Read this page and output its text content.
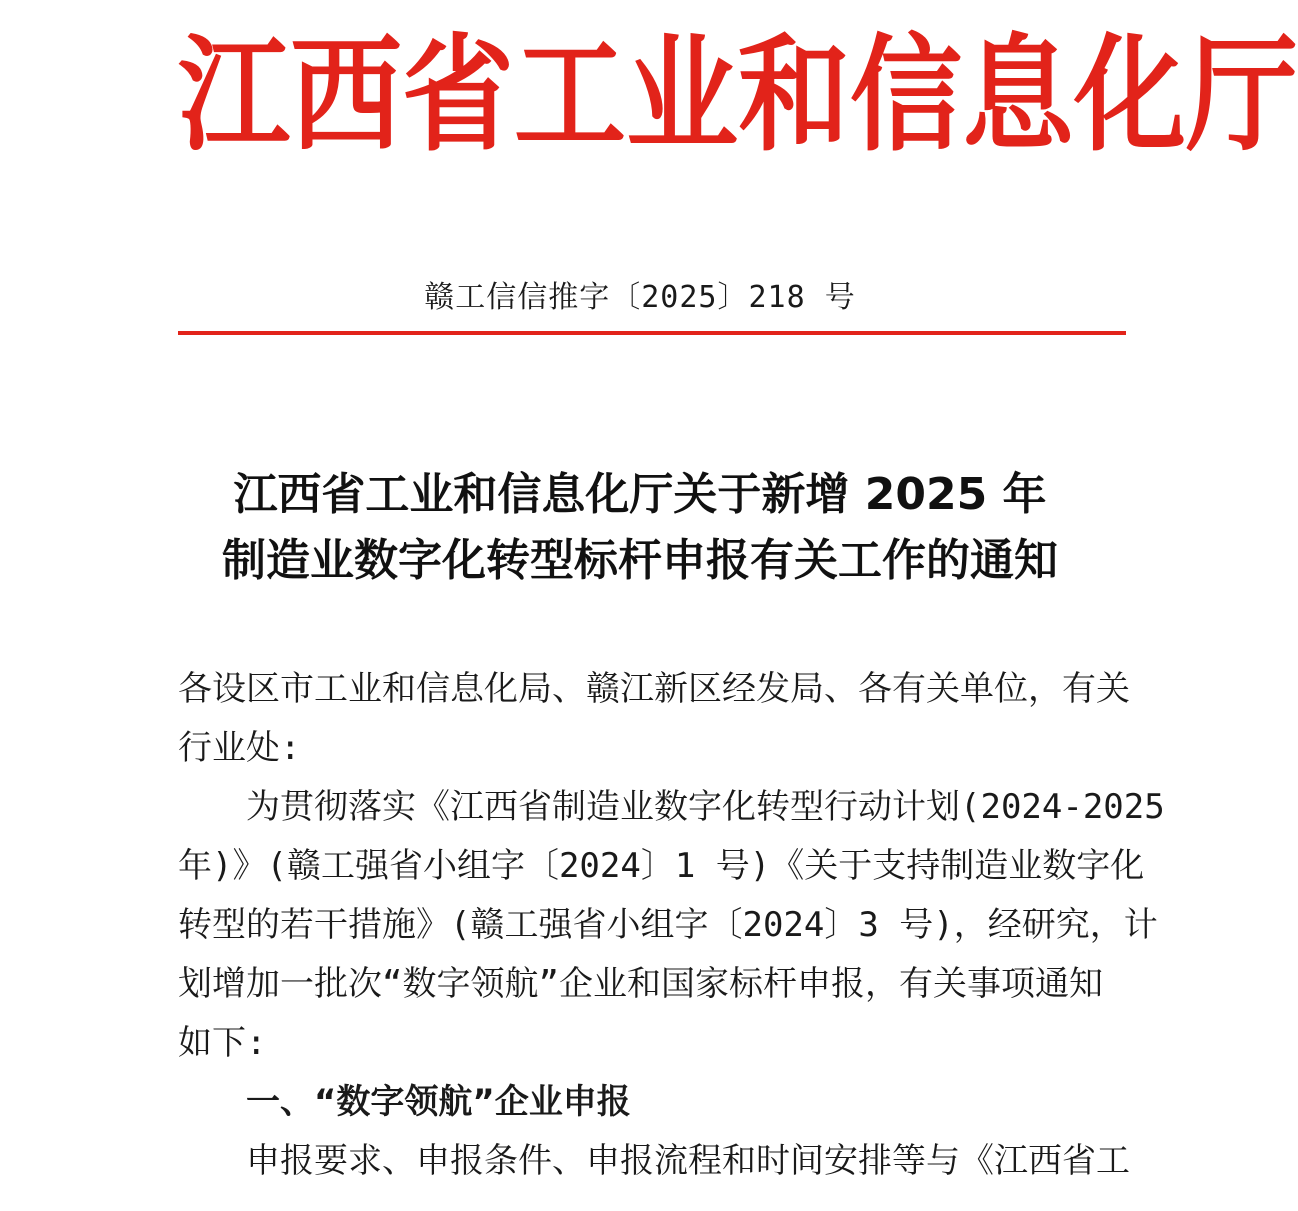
江 西 省 工 业 和 信 息 化 厅
赣工信信推字〔2025〕218 号
江西省工业和信息化厅关于新增 2025 年
制造业数字化转型标杆申报有关工作的通知
各设区市工业和信息化局、赣江新区经发局、各有关单位，有关
行业处:
为贯彻落实《江西省制造业数字化转型行动计划(2024-2025
年)》(赣工强省小组字〔2024〕1 号)《关于支持制造业数字化
转型的若干措施》(赣工强省小组字〔2024〕3 号)，经研究，计
划增加一批次“数字领航”企业和国家标杆申报，有关事项通知
如下:
一、“数字领航”企业申报
申报要求、申报条件、申报流程和时间安排等与《江西省工
